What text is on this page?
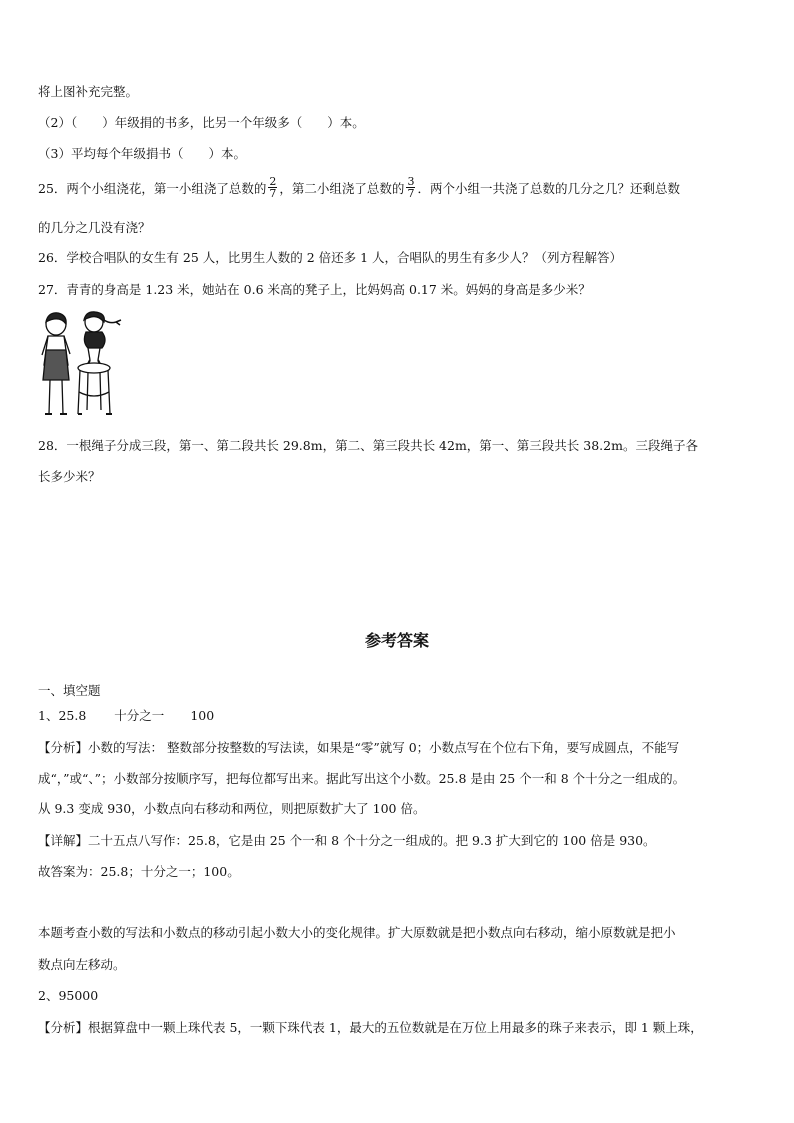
将上图补充完整。
（2）（　　）年级捐的书多，比另一个年级多（　　）本。
（3）平均每个年级捐书（　　）本。
25．两个小组浇花，第一小组浇了总数的 $\frac{2}{7}$ ，第二小组浇了总数的 $\frac{3}{7}$ ．两个小组一共浇了总数的几分之几？还剩总数
的几分之几没有浇？
26．学校合唱队的女生有 25 人，比男生人数的 2 倍还多 1 人，合唱队的男生有多少人？（列方程解答）
27．青青的身高是 1.23 米，她站在 0.6 米高的凳子上，比妈妈高 0.17 米。妈妈的身高是多少米？
28．一根绳子分成三段，第一、第二段共长 29.8m，第二、第三段共长 42m，第一、第三段共长 38.2m。三段绳子各
长多少米？
参考答案
一、填空题
1、25.8 十分之一 100
【分析】小数的写法： 整数部分按整数的写法读，如果是“零”就写 0；小数点写在个位右下角，要写成圆点，不能写
成“，”或“、”；小数部分按顺序写，把每位都写出来。据此写出这个小数。25.8 是由 25 个一和 8 个十分之一组成的。
从 9.3 变成 930，小数点向右移动和两位，则把原数扩大了 100 倍。
【详解】二十五点八写作：25.8，它是由 25 个一和 8 个十分之一组成的。把 9.3 扩大到它的 100 倍是 930。
故答案为：25.8；十分之一；100。
本题考查小数的写法和小数点的移动引起小数大小的变化规律。扩大原数就是把小数点向右移动，缩小原数就是把小
数点向左移动。
2、95000
【分析】根据算盘中一颗上珠代表 5，一颗下珠代表 1，最大的五位数就是在万位上用最多的珠子来表示，即 1 颗上珠，
